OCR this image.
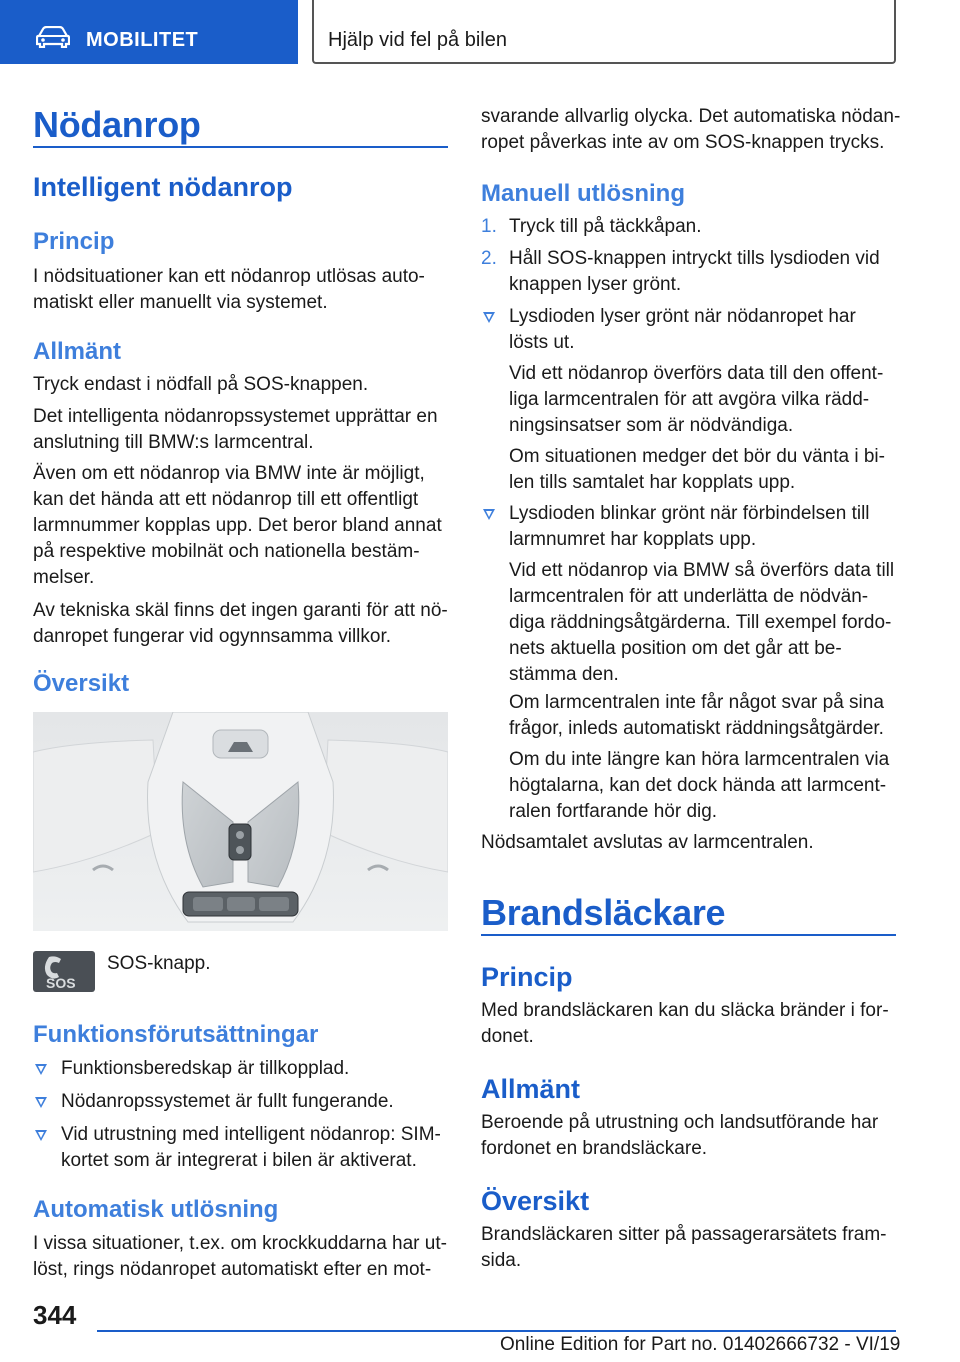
MOBILITET	Hjälp vid fel på bilen
Nödanrop
Intelligent nödanrop
Princip
I nödsituationer kan ett nödanrop utlösas auto‐
matiskt eller manuellt via systemet.
Allmänt
Tryck endast i nödfall på SOS-knappen.
Det intelligenta nödanropssystemet upprättar en
anslutning till BMW:s larmcentral.
Även om ett nödanrop via BMW inte är möjligt,
kan det hända att ett nödanrop till ett offentligt
larmnummer kopplas upp. Det beror bland annat
på respektive mobilnät och nationella bestäm‐
melser.
Av tekniska skäl finns det ingen garanti för att nö‐
danropet fungerar vid ogynnsamma villkor.
Översikt
SOS
SOS-knapp.
Funktionsförutsättningar
Funktionsberedskap är tillkopplad.
Nödanropssystemet är fullt fungerande.
Vid utrustning med intelligent nödanrop: SIM-
kortet som är integrerat i bilen är aktiverat.
Automatisk utlösning
I vissa situationer, t.ex. om krockkuddarna har ut‐
löst, rings nödanropet automatiskt efter en mot‐
svarande allvarlig olycka. Det automatiska nödan‐
ropet påverkas inte av om SOS-knappen trycks.
Manuell utlösning
1. Tryck till på täckkåpan.
2. Håll SOS-knappen intryckt tills lysdioden vid
knappen lyser grönt.
Lysdioden lyser grönt när nödanropet har
lösts ut.
Vid ett nödanrop överförs data till den offent‐
liga larmcentralen för att avgöra vilka rädd‐
ningsinsatser som är nödvändiga.
Om situationen medger det bör du vänta i bi‐
len tills samtalet har kopplats upp.
Lysdioden blinkar grönt när förbindelsen till
larmnumret har kopplats upp.
Vid ett nödanrop via BMW så överförs data till
larmcentralen för att underlätta de nödvän‐
diga räddningsåtgärderna. Till exempel fordo‐
nets aktuella position om det går att be‐
stämma den.
Om larmcentralen inte får något svar på sina
frågor, inleds automatiskt räddningsåtgärder.
Om du inte längre kan höra larmcentralen via
högtalarna, kan det dock hända att larmcent‐
ralen fortfarande hör dig.
Nödsamtalet avslutas av larmcentralen.
Brandsläckare
Princip
Med brandsläckaren kan du släcka bränder i for‐
donet.
Allmänt
Beroende på utrustning och landsutförande har
fordonet en brandsläckare.
Översikt
Brandsläckaren sitter på passagerarsätets fram‐
sida.
344
Online Edition for Part no. 01402666732 - VI/19
